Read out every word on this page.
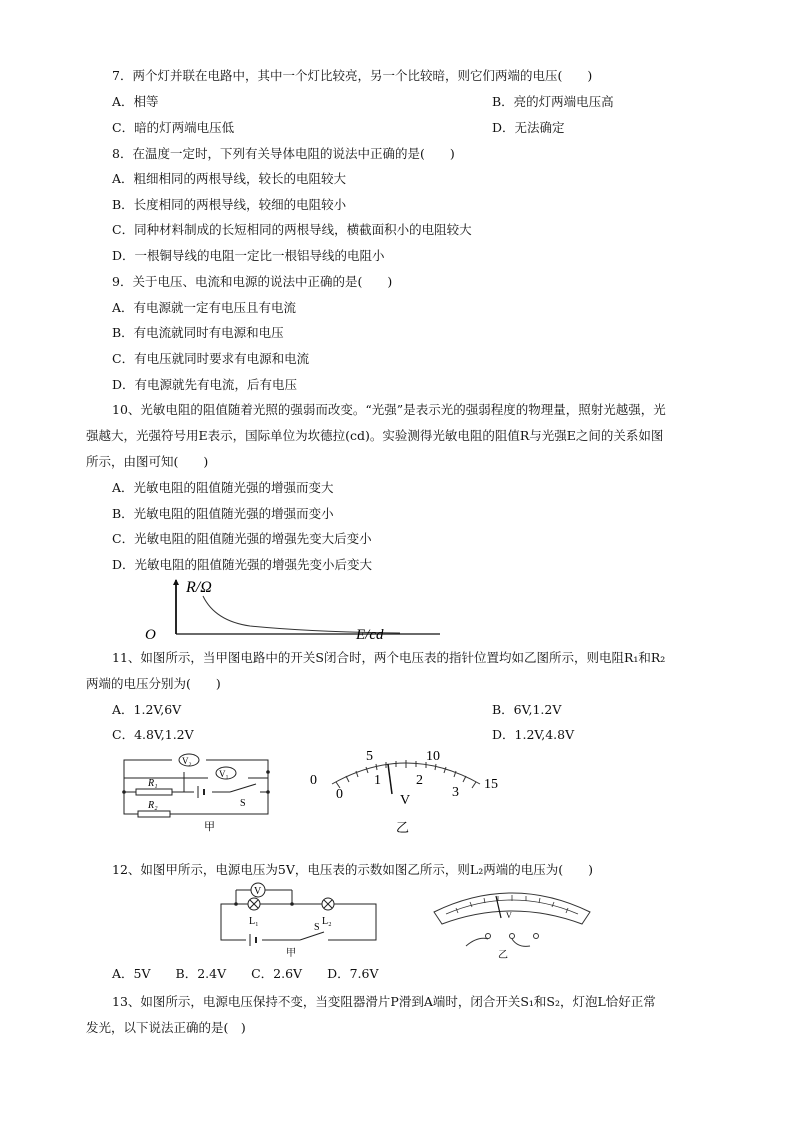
7．两个灯并联在电路中，其中一个灯比较亮，另一个比较暗，则它们两端的电压(　　)
A．相等	B．亮的灯两端电压高
C．暗的灯两端电压低	D．无法确定
8．在温度一定时，下列有关导体电阻的说法中正确的是(　　)
A．粗细相同的两根导线，较长的电阻较大
B．长度相同的两根导线，较细的电阻较小
C．同种材料制成的长短相同的两根导线，横截面积小的电阻较大
D．一根铜导线的电阻一定比一根铝导线的电阻小
9．关于电压、电流和电源的说法中正确的是(　　)
A．有电源就一定有电压且有电流
B．有电流就同时有电源和电压
C．有电压就同时要求有电源和电流
D．有电源就先有电流，后有电压
10、光敏电阻的阻值随着光照的强弱而改变。“光强”是表示光的强弱程度的物理量，照射光越强，光
强越大，光强符号用E表示，国际单位为坎德拉(cd)。实验测得光敏电阻的阻值R与光强E之间的关系如图
所示，由图可知(　　)
A．光敏电阻的阻值随光强的增强而变大
B．光敏电阻的阻值随光强的增强而变小
C．光敏电阻的阻值随光强的增强先变大后变小
D．光敏电阻的阻值随光强的增强先变小后变大
R/Ω
O	E/cd
11、如图所示，当甲图电路中的开关S闭合时，两个电压表的指针位置均如乙图所示，则电阻R₁和R₂
两端的电压分别为(　　)
A．1.2V,6V	B．6V,1.2V
C．4.8V,1.2V	D．1.2V,4.8V
V₂
V₁
R₁
R₂	S
甲
5	10
0
0
1	2
3
15
V
乙
12、如图甲所示，电源电压为5V，电压表的示数如图乙所示，则L₂两端的电压为(　　)
V
L₁	L₂
S
甲
V
乙
A．5V　　B．2.4V　　C．2.6V　　D．7.6V
13、如图所示，电源电压保持不变，当变阻器滑片P滑到A端时，闭合开关S₁和S₂，灯泡L恰好正常
发光，以下说法正确的是(　)
